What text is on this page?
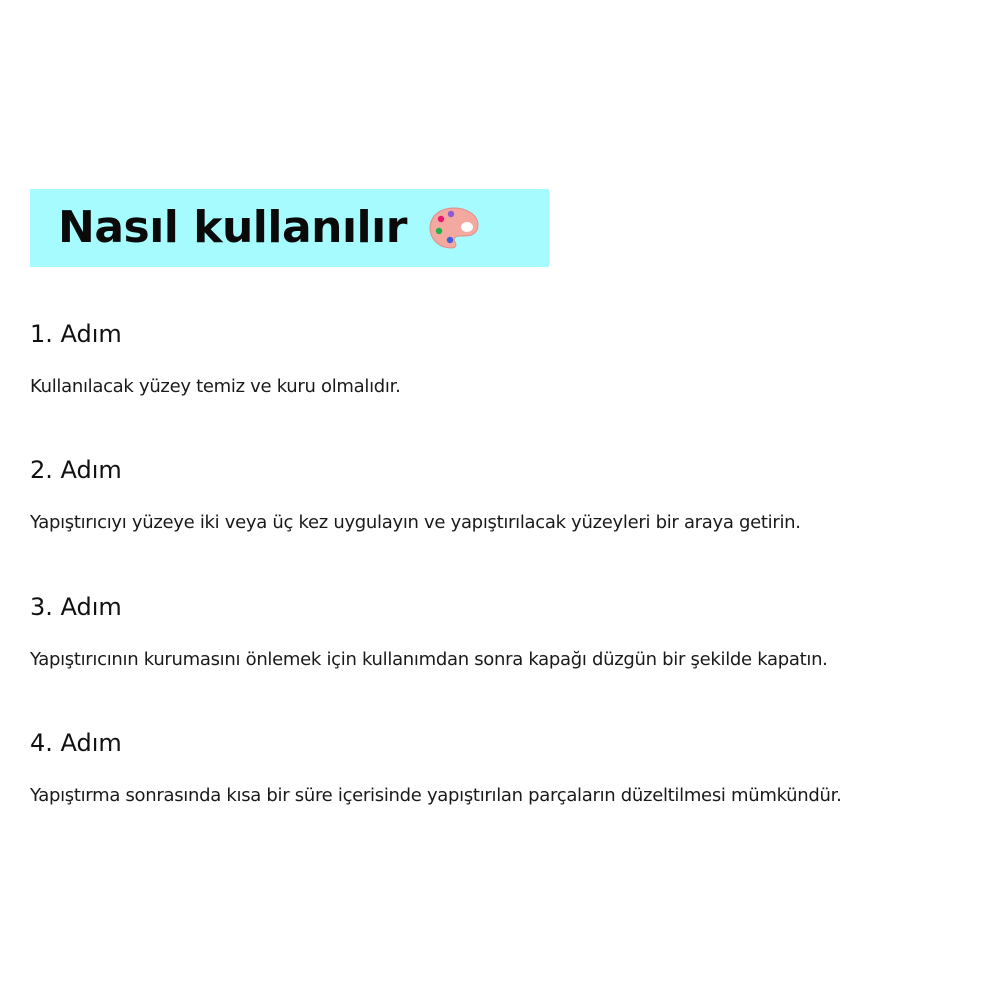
Nasıl kullanılır
1. Adım

Kullanılacak yüzey temiz ve kuru olmalıdır.

2. Adım

Yapıştırıcıyı yüzeye iki veya üç kez uygulayın ve yapıştırılacak yüzeyleri bir araya getirin.

3. Adım

Yapıştırıcının kurumasını önlemek için kullanımdan sonra kapağı düzgün bir şekilde kapatın.

4. Adım

Yapıştırma sonrasında kısa bir süre içerisinde yapıştırılan parçaların düzeltilmesi mümkündür.
